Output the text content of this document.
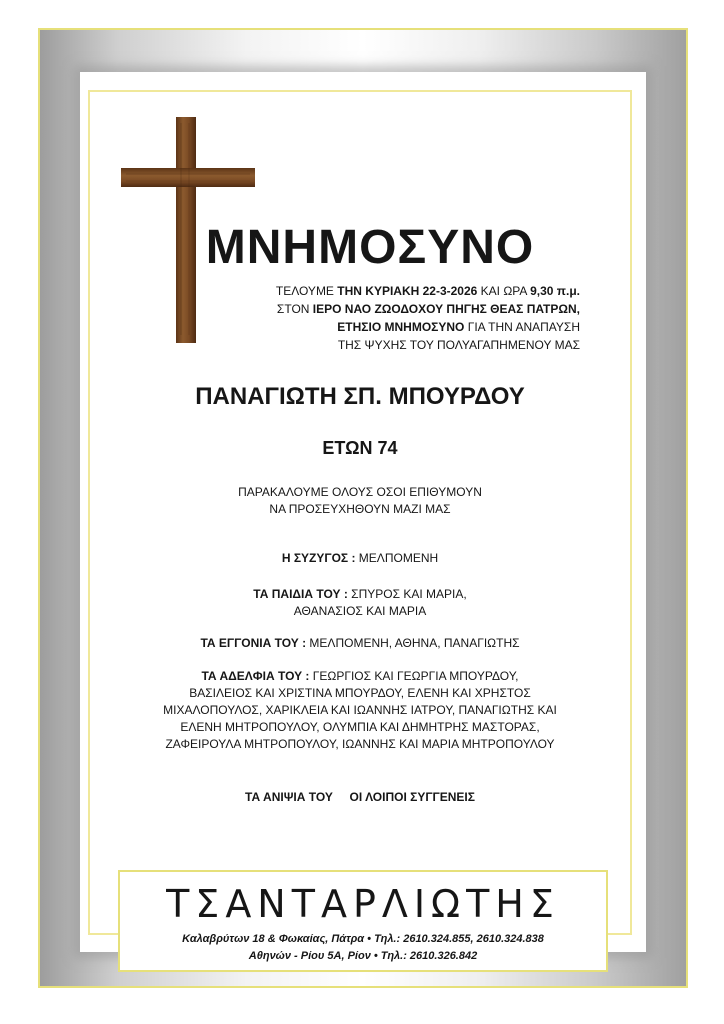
ΜΝΗΜΟΣΥΝΟ
ΤΕΛΟΥΜΕ ΤΗΝ ΚΥΡΙΑΚΗ 22-3-2026 ΚΑΙ ΩΡΑ 9,30 π.μ.
ΣΤΟΝ ΙΕΡΟ ΝΑΟ ΖΩΟΔΟΧΟΥ ΠΗΓΗΣ ΘΕΑΣ ΠΑΤΡΩΝ,
ΕΤΗΣΙΟ ΜΝΗΜΟΣΥΝΟ ΓΙΑ ΤΗΝ ΑΝΑΠΑΥΣΗ
ΤΗΣ ΨΥΧΗΣ ΤΟΥ ΠΟΛΥΑΓΑΠΗΜΕΝΟΥ ΜΑΣ
ΠΑΝΑΓΙΩΤΗ ΣΠ. ΜΠΟΥΡΔΟΥ
ΕΤΩΝ 74
ΠΑΡΑΚΑΛΟΥΜΕ ΟΛΟΥΣ ΟΣΟΙ ΕΠΙΘΥΜΟΥΝ
ΝΑ ΠΡΟΣΕΥΧΗΘΟΥΝ ΜΑΖΙ ΜΑΣ
Η ΣΥΖΥΓΟΣ : ΜΕΛΠΟΜΕΝΗ
ΤΑ ΠΑΙΔΙΑ ΤΟΥ : ΣΠΥΡΟΣ ΚΑΙ ΜΑΡΙΑ,
ΑΘΑΝΑΣΙΟΣ ΚΑΙ ΜΑΡΙΑ
ΤΑ ΕΓΓΟΝΙΑ ΤΟΥ : ΜΕΛΠΟΜΕΝΗ, ΑΘΗΝΑ, ΠΑΝΑΓΙΩΤΗΣ
ΤΑ ΑΔΕΛΦΙΑ ΤΟΥ : ΓΕΩΡΓΙΟΣ ΚΑΙ ΓΕΩΡΓΙΑ ΜΠΟΥΡΔΟΥ,
ΒΑΣΙΛΕΙΟΣ ΚΑΙ ΧΡΙΣΤΙΝΑ ΜΠΟΥΡΔΟΥ, ΕΛΕΝΗ ΚΑΙ ΧΡΗΣΤΟΣ
ΜΙΧΑΛΟΠΟΥΛΟΣ, ΧΑΡΙΚΛΕΙΑ ΚΑΙ ΙΩΑΝΝΗΣ ΙΑΤΡΟΥ, ΠΑΝΑΓΙΩΤΗΣ ΚΑΙ
ΕΛΕΝΗ ΜΗΤΡΟΠΟΥΛΟΥ, ΟΛΥΜΠΙΑ ΚΑΙ ΔΗΜΗΤΡΗΣ ΜΑΣΤΟΡΑΣ,
ΖΑΦΕΙΡΟΥΛΑ ΜΗΤΡΟΠΟΥΛΟΥ, ΙΩΑΝΝΗΣ ΚΑΙ ΜΑΡΙΑ ΜΗΤΡΟΠΟΥΛΟΥ
ΤΑ ΑΝΙΨΙΑ ΤΟΥ     ΟΙ ΛΟΙΠΟΙ ΣΥΓΓΕΝΕΙΣ
ΤΣΑΝΤΑΡΛΙΩΤΗΣ
Καλαβρύτων 18 & Φωκαίας, Πάτρα • Τηλ.: 2610.324.855, 2610.324.838
Αθηνών - Ρίου 5Α, Ρίον • Τηλ.: 2610.326.842
